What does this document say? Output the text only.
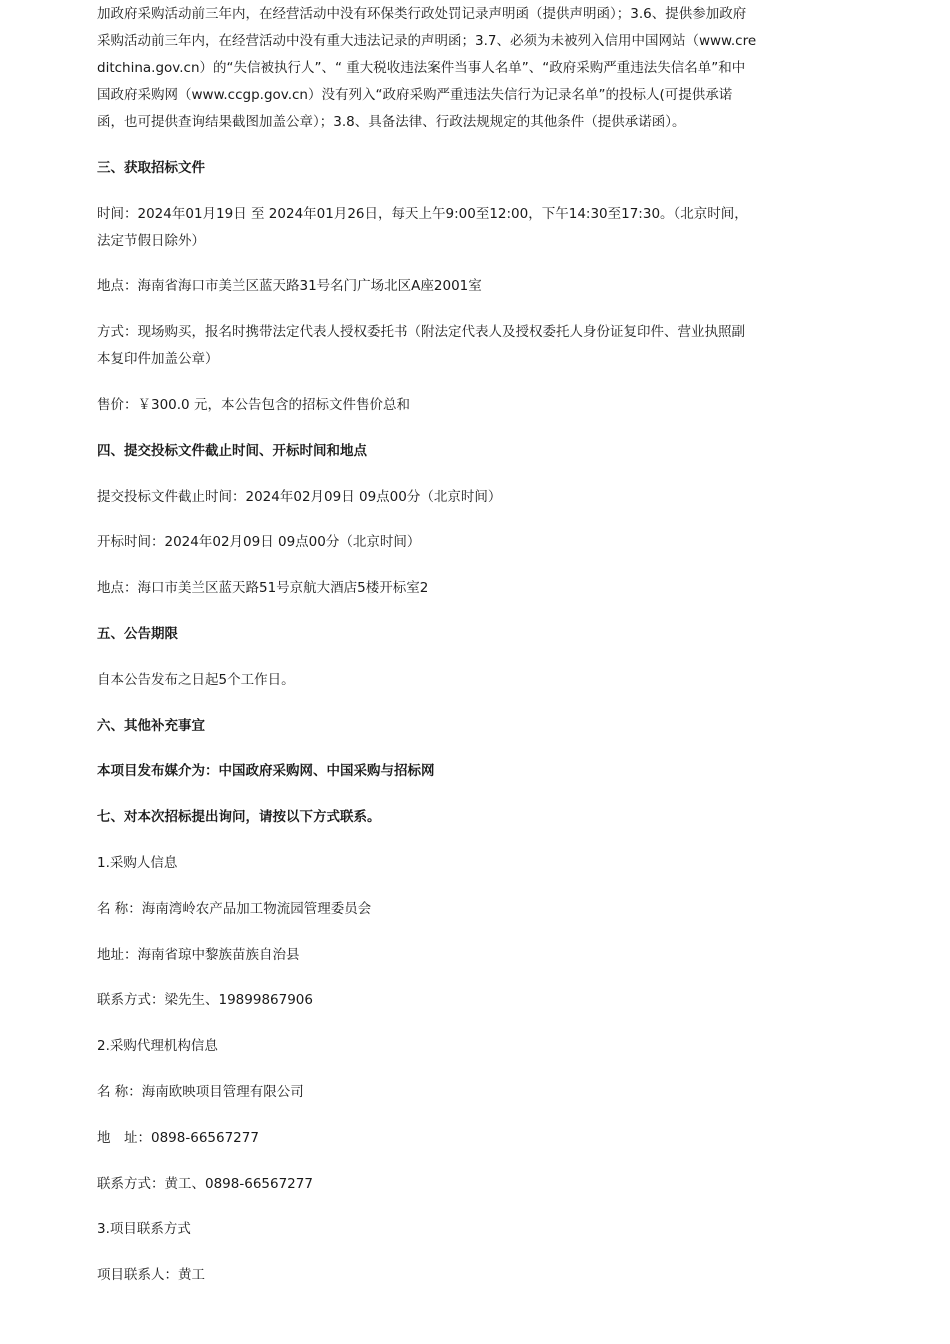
加政府采购活动前三年内，在经营活动中没有环保类行政处罚记录声明函（提供声明函）；3.6、提供参加政府采购活动前三年内，在经营活动中没有重大违法记录的声明函；3.7、必须为未被列入信用中国网站（www.creditchina.gov.cn）的“失信被执行人”、“ 重大税收违法案件当事人名单”、“政府采购严重违法失信名单”和中国政府采购网（www.ccgp.gov.cn）没有列入“政府采购严重违法失信行为记录名单”的投标人(可提供承诺函，也可提供查询结果截图加盖公章）；3.8、具备法律、行政法规规定的其他条件（提供承诺函）。

三、获取招标文件

时间：2024年01月19日 至 2024年01月26日，每天上午9:00至12:00，下午14:30至17:30。（北京时间，法定节假日除外）

地点：海南省海口市美兰区蓝天路31号名门广场北区A座2001室

方式：现场购买，报名时携带法定代表人授权委托书（附法定代表人及授权委托人身份证复印件、营业执照副本复印件加盖公章）

售价：￥300.0 元，本公告包含的招标文件售价总和

四、提交投标文件截止时间、开标时间和地点

提交投标文件截止时间：2024年02月09日 09点00分（北京时间）

开标时间：2024年02月09日 09点00分（北京时间）

地点：海口市美兰区蓝天路51号京航大酒店5楼开标室2

五、公告期限

自本公告发布之日起5个工作日。

六、其他补充事宜

本项目发布媒介为：中国政府采购网、中国采购与招标网

七、对本次招标提出询问，请按以下方式联系。

1.采购人信息

名 称：海南湾岭农产品加工物流园管理委员会

地址：海南省琼中黎族苗族自治县

联系方式：梁先生、19899867906

2.采购代理机构信息

名 称：海南欧映项目管理有限公司

地　址：0898-66567277

联系方式：黄工、0898-66567277

3.项目联系方式

项目联系人：黄工
